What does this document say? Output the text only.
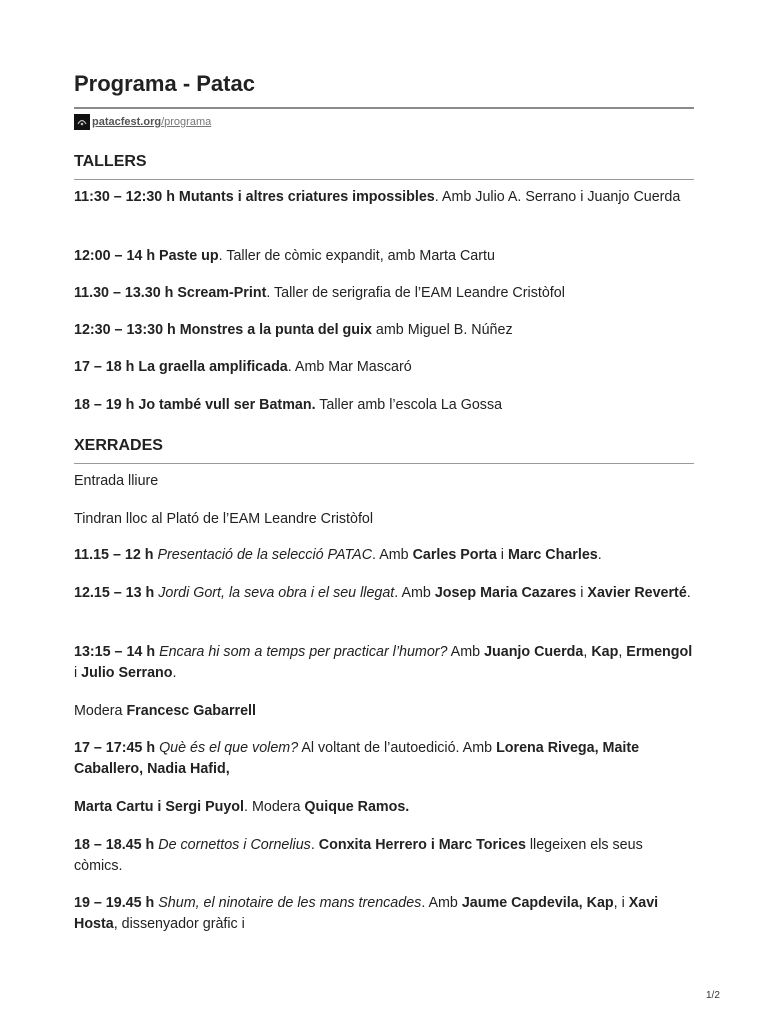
Programa - Patac
patacfest.org / programa
TALLERS

11:30 – 12:30 h Mutants i altres criatures impossibles. Amb Julio A. Serrano i Juanjo Cuerda

12:00 – 14 h Paste up. Taller de còmic expandit, amb Marta Cartu

11.30 – 13.30 h Scream-Print. Taller de serigrafia de l’EAM Leandre Cristòfol

12:30 – 13:30 h Monstres a la punta del guix amb Miguel B. Núñez

17 – 18 h La graella amplificada. Amb Mar Mascaró

18 – 19 h Jo també vull ser Batman. Taller amb l’escola La Gossa

XERRADES

Entrada lliure

Tindran lloc al Plató de l’EAM Leandre Cristòfol

11.15 – 12 h Presentació de la selecció PATAC. Amb Carles Porta i Marc Charles.

12.15 – 13 h Jordi Gort, la seva obra i el seu llegat. Amb Josep Maria Cazares i Xavier Reverté.

13:15 – 14 h Encara hi som a temps per practicar l’humor? Amb Juanjo Cuerda, Kap, Ermengol i Julio Serrano.

Modera Francesc Gabarrell

17 – 17:45 h Què és el que volem? Al voltant de l’autoedició. Amb Lorena Rivega, Maite Caballero, Nadia Hafid,

Marta Cartu i Sergi Puyol. Modera Quique Ramos.

18 – 18.45 h De cornettos i Cornelius. Conxita Herrero i Marc Torices llegeixen els seus còmics.

19 – 19.45 h Shum, el ninotaire de les mans trencades. Amb Jaume Capdevila, Kap, i Xavi Hosta, dissenyador gràfic i

1/2
